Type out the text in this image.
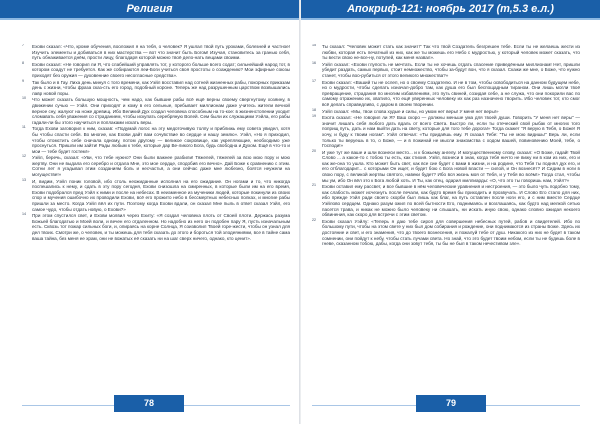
Религия

7 Ехови сказал: «Что, кроме обучения, вооложил я на тебя, о человек? Я ушлал твой путь уроками, болезней и частное! Изучить элементы и добиваться в них мастерства — вот что значит быть Богом! Изучая, становитесь за гранью себя, путь обнаживается днём, прости лицу, благодаря которой можно твоё дело-нать вещами своими.

8 Ехови сказал: «Не говорил ли Я, что слабейший управлять тот, у которого больше всего содат; сильнейший народ тот, в котором соадут не требуется. Как же собираются леи-Боги учиться своя простоты о соаждению? Мои эфирные союзы приходят без оружия — духовенние своего несогласные средства».

9 Так было и в Гау. Лиха день минул с того времени, как Уэйл восставил над сотней жизненных рабы, покорных приказам день с жизни, чтобы фраза сказ-сть его город, подобный короне. Теперь же над разрушенным царством возвышались лавр новой поры.

10 Что может сказать большую мощность, чем надо, как бывшие рабы всё ещё верны своему свергнутому хозяину, в движении сучью — Уэйл. Они приходят и кому в его сельные, пребывает миллионам даже учитесь жители вечной верное сну, жалуют на ноже древищ. Ибо Великий Дух создал человека способным на то-кое: в жизненстопении уходит сломавать себя уважения со страданием, чтобы искупать серебряную Волей. Сем были их служащими Уэйла, его рабы гадали-ли бы этого научиться и поплаками искать веры.

11 Тогда Ехови заговорил к ним, сказав: «Подумай логос на эту медоточивую толпу и приближь ему совета увидел, хотя бы чтобы спасти себя. Во многие, как Ехови дайт вам сочувствие во сердце и нашу землю». Уэйл, «Но я приходил, чтобы отомстить себе сначала одному, потом другому — великое сокровище, как укрепляющие, необходимо уже проснуться. Пришли им зайти! Рады любым к тебе, которые дар Ве-ликого Бога, будь свободна и Духом. Ещё в что-то и мои — тебе будет гостем!»

12 Уэйл, беречь, сказал: «Уви, что тебе нужно? Они были важнее разбили! Тяжелей, тяжелей за всю мою пору и мою жертву. Они не выдала его серебро и отдала Мне, это мое сердце, сподобив его вечно». Дай Боже к сравнению с этим. Сотни лет я угадывал этим созданиям боль и несчастья, а они сейчас даже мне любезно, боятся неужели на могуществе!»

13 И, видим, Уэйл поник головой, ибо столь неожиданные исполнил на его ожидание. Он ногами и то, что никогда поспешались к нему, и сдать в эту пору сегодня, Ехови снизошла на смиренных, в которые были им на его время, Ехови подобрался пред Уэйл к ними и после на небесах. В неизменное из мученики людей, которые покинули из своих спор и мучения ошибочно их проводили Ехови, всё его прожито небо в бессмертных небесных полках, и многие рабы пришли за место. Когда Уэйл вёл их пути. Поэтому когда Ехови вдали, он сказал Мне пыль в ответ сказал Уэйл, его самое чудо, чтобы отдать новую, о Ехови?»

14 При этом спустился свет, и Ехови молвил через Ехиту: «Я создал человека плоть от Своей плоти. Держась разума Божьей благодатью и Моей воли, и вечен его отдаленном. Но надобно из него он подобен пару Я, пусть изначальным есть. Сквозь тот пожар сильных боги, и, опираясь на корне Солнца, Я соизволил Твоей горе-жести, чтобы он узнал для дел твоих. Смотри же, о человек, и ты можешь для тебя сказать до этого и бороться той злодеяниями, все в тайне сама ваша тайна, без меня ее храм, они не вожатых её сказать ни на шаг сверх ничего, однако, кто ценит».

78
Апокриф-121: ноябрь 2017 (т,5.3 е.л.)

15 Ты сказал: "Человек может стать как значит!" Так что твой Создатель безгрешен тебе. Если ты не желаешь жести из любви, которая есть печатный из них, как же ты можешь его Небо с мудростью, у который человек может сказать, что ты вести свою не-все-ну, потупей, как меня назвал».

16 Уэйл сказал: «Ехови глупость не мечтать. Если ты не хочешь отдать спасение приведённым миллионам! Нет, пришли убедит раздать, самых первых, стоит немножество, чтобы за-будут вон, что я сказал. Скажи же мне, о Боже, что нужно станет, чтобы воо-рубиться от этого великого множества?»

17 Ехови сказал: «Ваший ты не ослеп, но о своему Создателю. И не в том, чтобы освободиться на данном будущем небе, но о мудрости, чтобы сделать изначал-добро там, как душа его был беспощадным тираном. Они лишь могли твоё превращение, страдания по многим избавлениям, это путь свиней, созидая себе, а не служа, что они покорили вас по самому отражению их, хватило, что ещё уверенных человеку их как раз назначено творить. Ибо человек тот, кто смог всё делать справедливо, с даром в своем творении.

18 Уэйл сказал: «Мы, твои слова худые и силы, но умом нет веры! У меня нет веры!»

19 Ехота сказал: «Не говорил ли Я? Ваш скоро — должны меньше ума для твоей души. Говорить "У меня нет веры" — значит лишать себя любого дать вдаль от всего Света. Быстро ли, если ты отеческий свой рыбак от многих того поприщ путь, дать и нам выйти дать на свету, которые для того тебе дорога!» Тогда скажет "Я верую в Тебя, о Боже! Я хочу, и буду к твоим ногам". Уэйл отвечал: «Ты придаёшь ему. Я сказал Тебе: "Ты не мою видишь!" Верь ли, если только ты веруешь в то, о Боже, — и в пожинай не мысли знакомства с ходом вашей, повиновению Моей, тебе, о Господи!»

20 И уже тут же ваше и шли вознеси место... и к божьему ангелу. И могущественному слову, сказал: «О Боже, гадай! Твой Слово ... а какое-то с тобою ты есть, как стихия. Уэйл, вознеси в знак, когда тебя ничто не вижу ни в ком из них, его и как же-она то ушла. Кто может быть свет, как все сие будет с вами в жизни, и на родине, что Тебя ты поднял дух его, и его отблагодарит... с которыми Он ищет, и будет бою с Бога новой власти — силой, и Он вознесёт? И Сидим в ноги в свою пору, с великой жертвы святого, навеки будет? Ибо вся жизнь моя от Тебя, и у Тебя во всём!» Тогда стал, чтобы мы ум, ибо Он вёл это к Бога любой хоть. И Ты, как отец, одарил миллиарды: «О, что это ты говоришь нам, Уэйл?»

21 Ехови оставил ему рассвет, и все бывшие в нём человеческие уравнения и нестроения, — это было чуть подобно тому, как слабость может исчезнуть после печали, как будто время бы приходить и прозвучать. И Слово Его стало для них, ибо прежде Уэйл ради своего скорби был лишь как благ, на путь оставлен после ноги его, и с ним вместе Сердце Уэйлово сердцем. Однако разум ожил по всей бытности Его, поднимаясь и возглашаясь, как будто над мелкой сетью пасется трава, и никак не можно было человеку ни слышать, ни искать иную свою, однако словно ожидая некоего обвинения, как скоро для встречи с этим светом.

22 Ехови сказал Уэйлу: «Теперь я даю тебе сироп для совершения небесных путей, рабов и свидетелей. Ибо по большому пути, чтобы на этом свете у них был дом собирания и рождение, они поднимаются из страны Боже. Здесь их достояние и свет, и его знамения, что до твоего вознесения, и пожалуй тебе от душ. Никакого из них не будет в таком сомнении, они пойдут к небу, чтобы стать лучами света. Но знай, что это будет твоим небом, если ты не будешь боле в гневе, сказанном тобою, дабы, когда они зовут тебя, ты бы не был в таком нечестивом зле».

79
